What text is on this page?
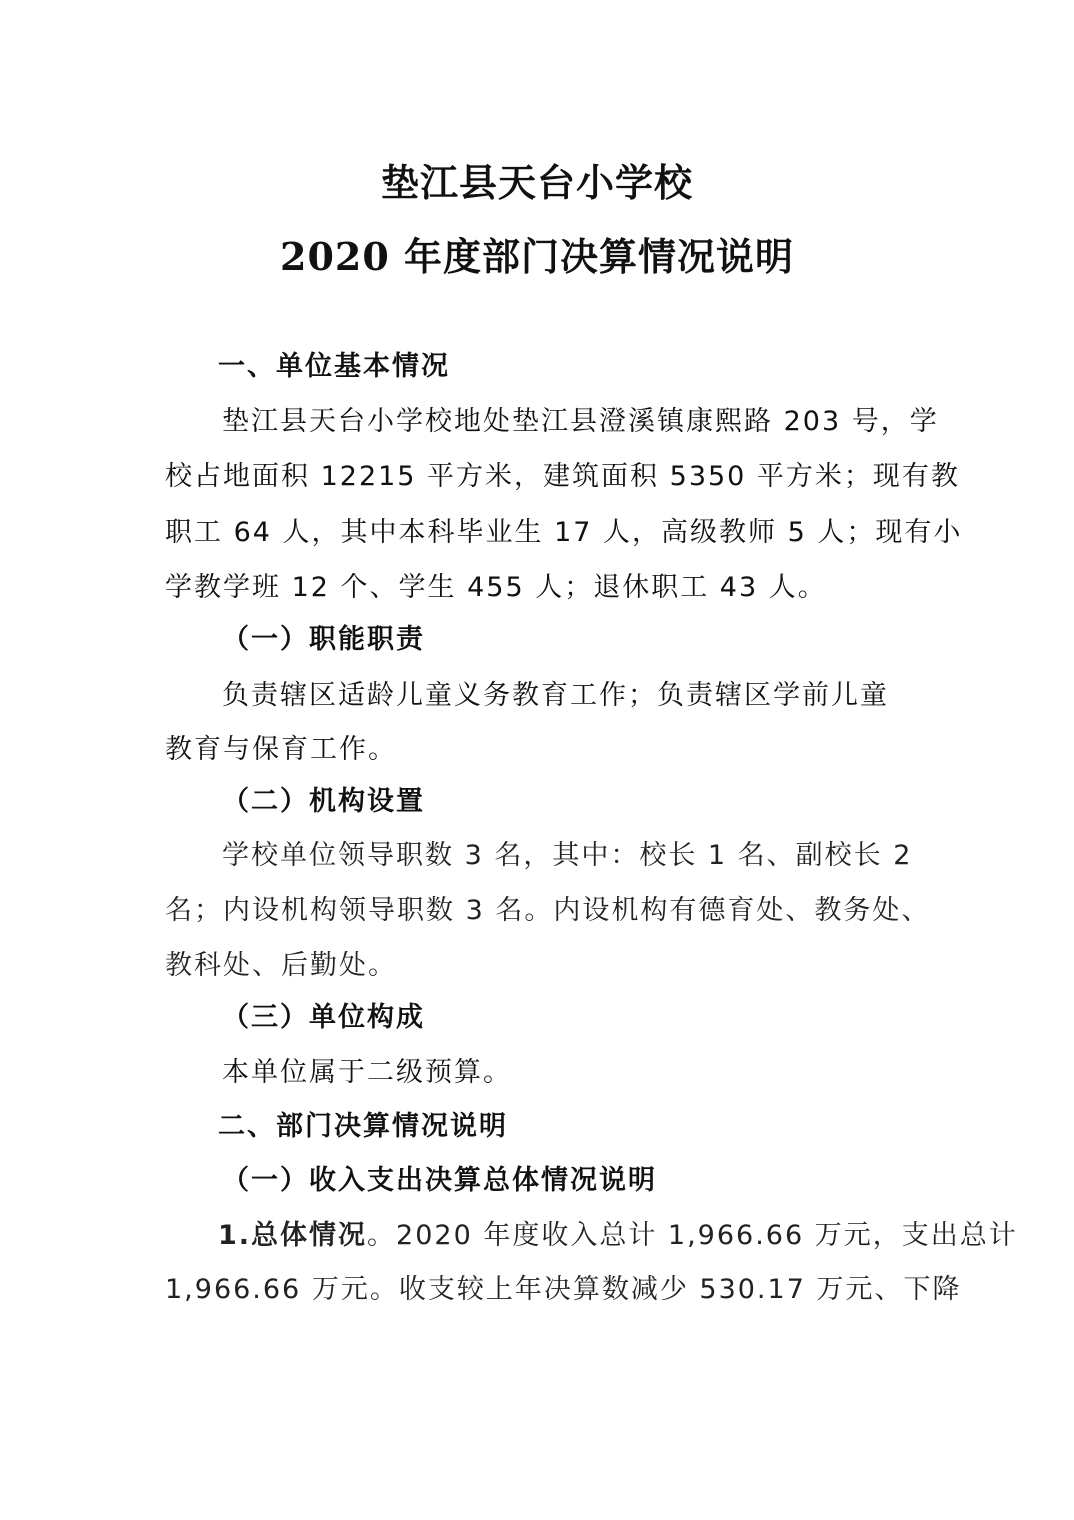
垫江县天台小学校
2020 年度部门决算情况说明
一、单位基本情况
垫江县天台小学校地处垫江县澄溪镇康熙路 203 号，学
校占地面积 12215 平方米，建筑面积 5350 平方米；现有教
职工 64 人，其中本科毕业生 17 人，高级教师 5 人；现有小
学教学班 12 个、学生 455 人；退休职工 43 人。
（一）职能职责
负责辖区适龄儿童义务教育工作；负责辖区学前儿童
教育与保育工作。
（二）机构设置
学校单位领导职数 3 名，其中：校长 1 名、副校长 2
名；内设机构领导职数 3 名。内设机构有德育处、教务处、
教科处、后勤处。
（三）单位构成
本单位属于二级预算。
二、部门决算情况说明
（一）收入支出决算总体情况说明
1.总体情况。2020 年度收入总计 1,966.66 万元，支出总计
1,966.66 万元。收支较上年决算数减少 530.17 万元、下降
